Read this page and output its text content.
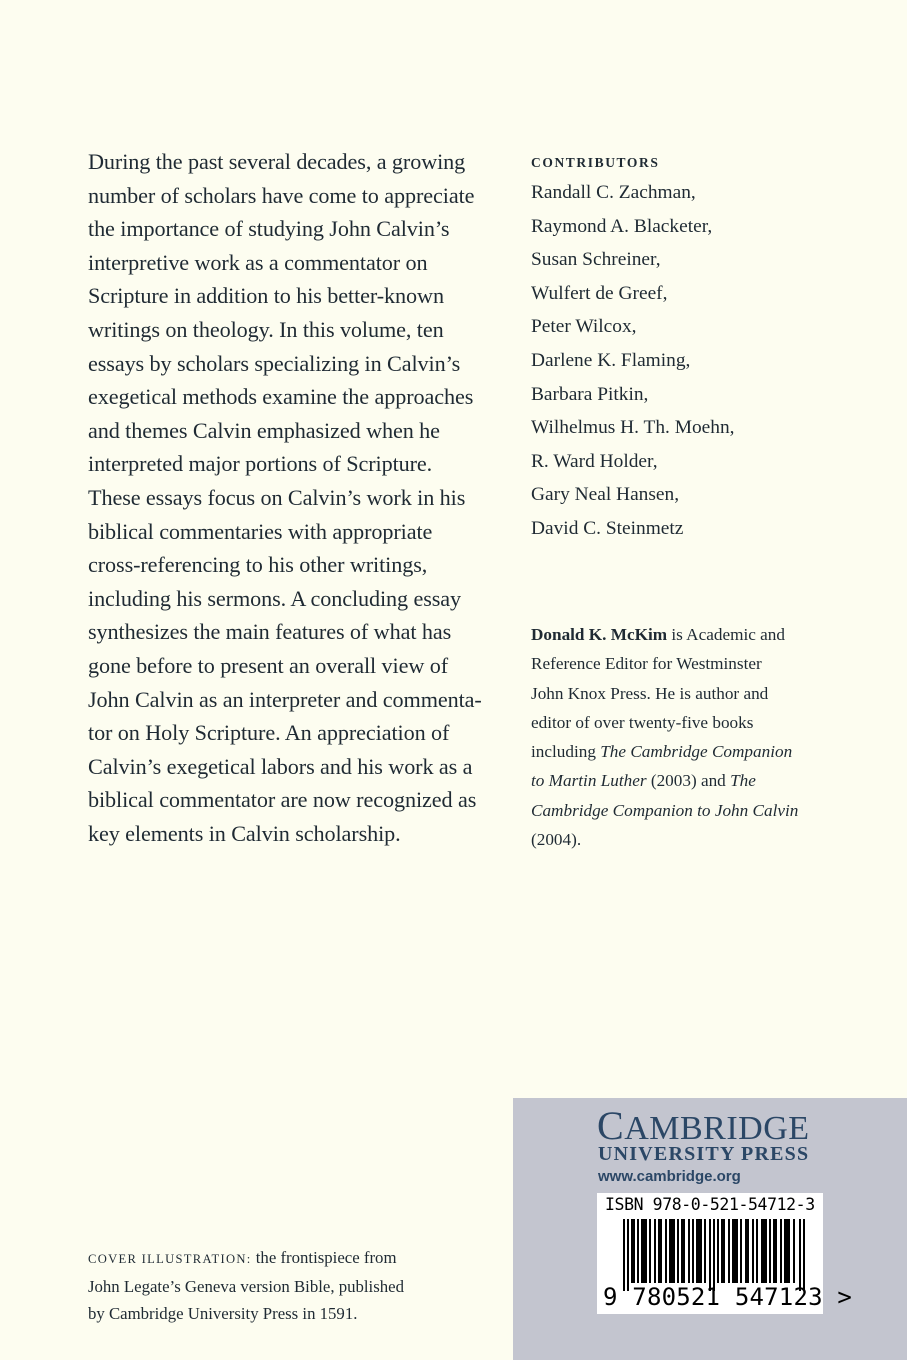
During the past several decades, a growing
number of scholars have come to appreciate
the importance of studying John Calvin’s
interpretive work as a commentator on
Scripture in addition to his better-known
writings on theology. In this volume, ten
essays by scholars specializing in Calvin’s
exegetical methods examine the approaches
and themes Calvin emphasized when he
interpreted major portions of Scripture.
These essays focus on Calvin’s work in his
biblical commentaries with appropriate
cross-referencing to his other writings,
including his sermons. A concluding essay
synthesizes the main features of what has
gone before to present an overall view of
John Calvin as an interpreter and commenta-
tor on Holy Scripture. An appreciation of
Calvin’s exegetical labors and his work as a
biblical commentator are now recognized as
key elements in Calvin scholarship.
CONTRIBUTORS
Randall C. Zachman,
Raymond A. Blacketer,
Susan Schreiner,
Wulfert de Greef,
Peter Wilcox,
Darlene K. Flaming,
Barbara Pitkin,
Wilhelmus H. Th. Moehn,
R. Ward Holder,
Gary Neal Hansen,
David C. Steinmetz
Donald K. McKim is Academic and
Reference Editor for Westminster
John Knox Press. He is author and
editor of over twenty-five books
including The Cambridge Companion
to Martin Luther (2003) and The
Cambridge Companion to John Calvin
(2004).
COVER ILLUSTRATION: the frontispiece from
John Legate’s Geneva version Bible, published
by Cambridge University Press in 1591.
CAMBRIDGE
UNIVERSITY PRESS
www.cambridge.org
ISBN 978-0-521-54712-3
9 780521 547123 >
